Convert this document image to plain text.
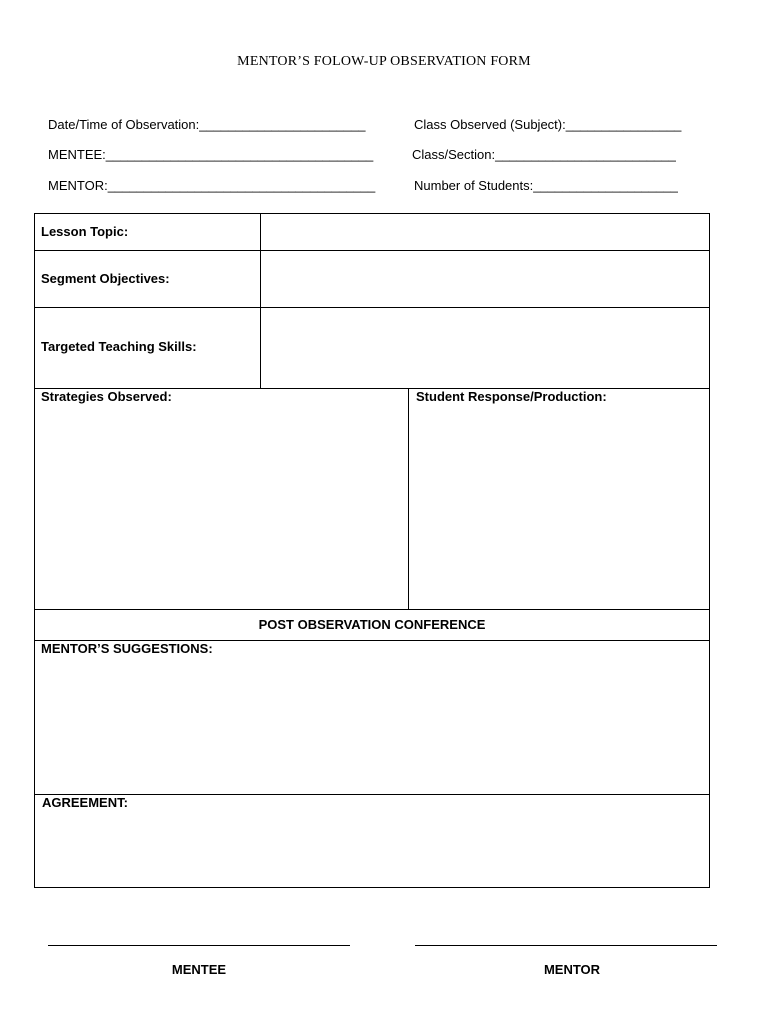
MENTOR’S FOLOW-UP OBSERVATION FORM
Date/Time of Observation:_______________________	Class Observed (Subject):________________
MENTEE:_____________________________________	Class/Section:_________________________
MENTOR:_____________________________________	Number of Students:____________________
Lesson Topic:
Segment Objectives:
Targeted Teaching Skills:
Strategies Observed:	Student Response/Production:
POST OBSERVATION CONFERENCE
MENTOR’S SUGGESTIONS:
AGREEMENT:
MENTEE	MENTOR
